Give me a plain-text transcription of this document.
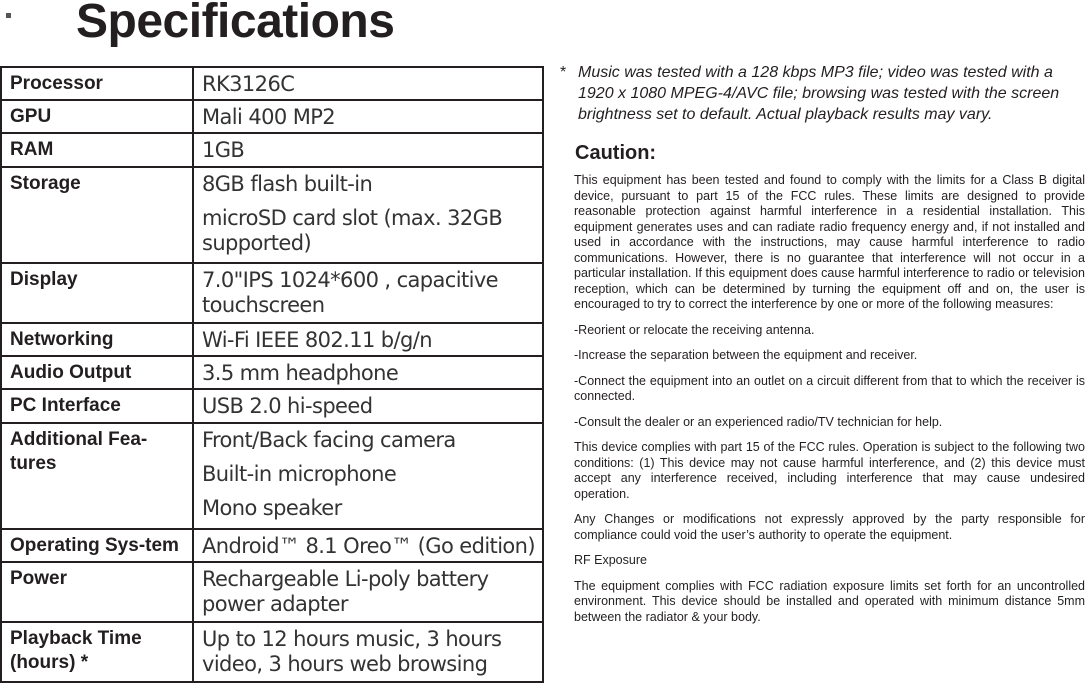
Specifications
Processor	RK3126C

GPU	Mali 400 MP2

RAM	1GB

Storage	8GB flash built-in
microSD card slot (max. 32GB supported)

Display	7.0"IPS 1024*600 , capacitive touchscreen

Networking	Wi-Fi IEEE 802.11 b/g/n

Audio Output	3.5 mm headphone

PC Interface	USB 2.0 hi-speed

Additional Fea-tures	Front/Back facing camera
Built-in microphone
Mono speaker

Operating Sys-tem	Android™ 8.1 Oreo™ (Go edition)

Power	Rechargeable Li-poly battery power adapter

Playback Time (hours) *	Up to 12 hours music, 3 hours video, 3 hours web browsing
* Music was tested with a 128 kbps MP3 file; video was tested with a 1920 x 1080 MPEG-4/AVC file; browsing was tested with the screen brightness set to default. Actual playback results may vary.
Caution:

This equipment has been tested and found to comply with the limits for a Class B digital device, pursuant to part 15 of the FCC rules. These limits are designed to provide reasonable protection against harmful interference in a residential installation. This equipment generates uses and can radiate radio frequency energy and, if not installed and used in accordance with the instructions, may cause harmful interference to radio communications. However, there is no guarantee that interference will not occur in a particular installation. If this equipment does cause harmful interference to radio or television reception, which can be determined by turning the equipment off and on, the user is encouraged to try to correct the interference by one or more of the following measures:

-Reorient or relocate the receiving antenna.

-Increase the separation between the equipment and receiver.

-Connect the equipment into an outlet on a circuit different from that to which the receiver is connected.

-Consult the dealer or an experienced radio/TV technician for help.

This device complies with part 15 of the FCC rules. Operation is subject to the following two conditions: (1) This device may not cause harmful interference, and (2) this device must accept any interference received, including interference that may cause undesired operation.

Any Changes or modifications not expressly approved by the party responsible for compliance could void the user’s authority to operate the equipment.

RF Exposure

The equipment complies with FCC radiation exposure limits set forth for an uncontrolled environment. This device should be installed and operated with minimum distance 5mm between the radiator & your body.
